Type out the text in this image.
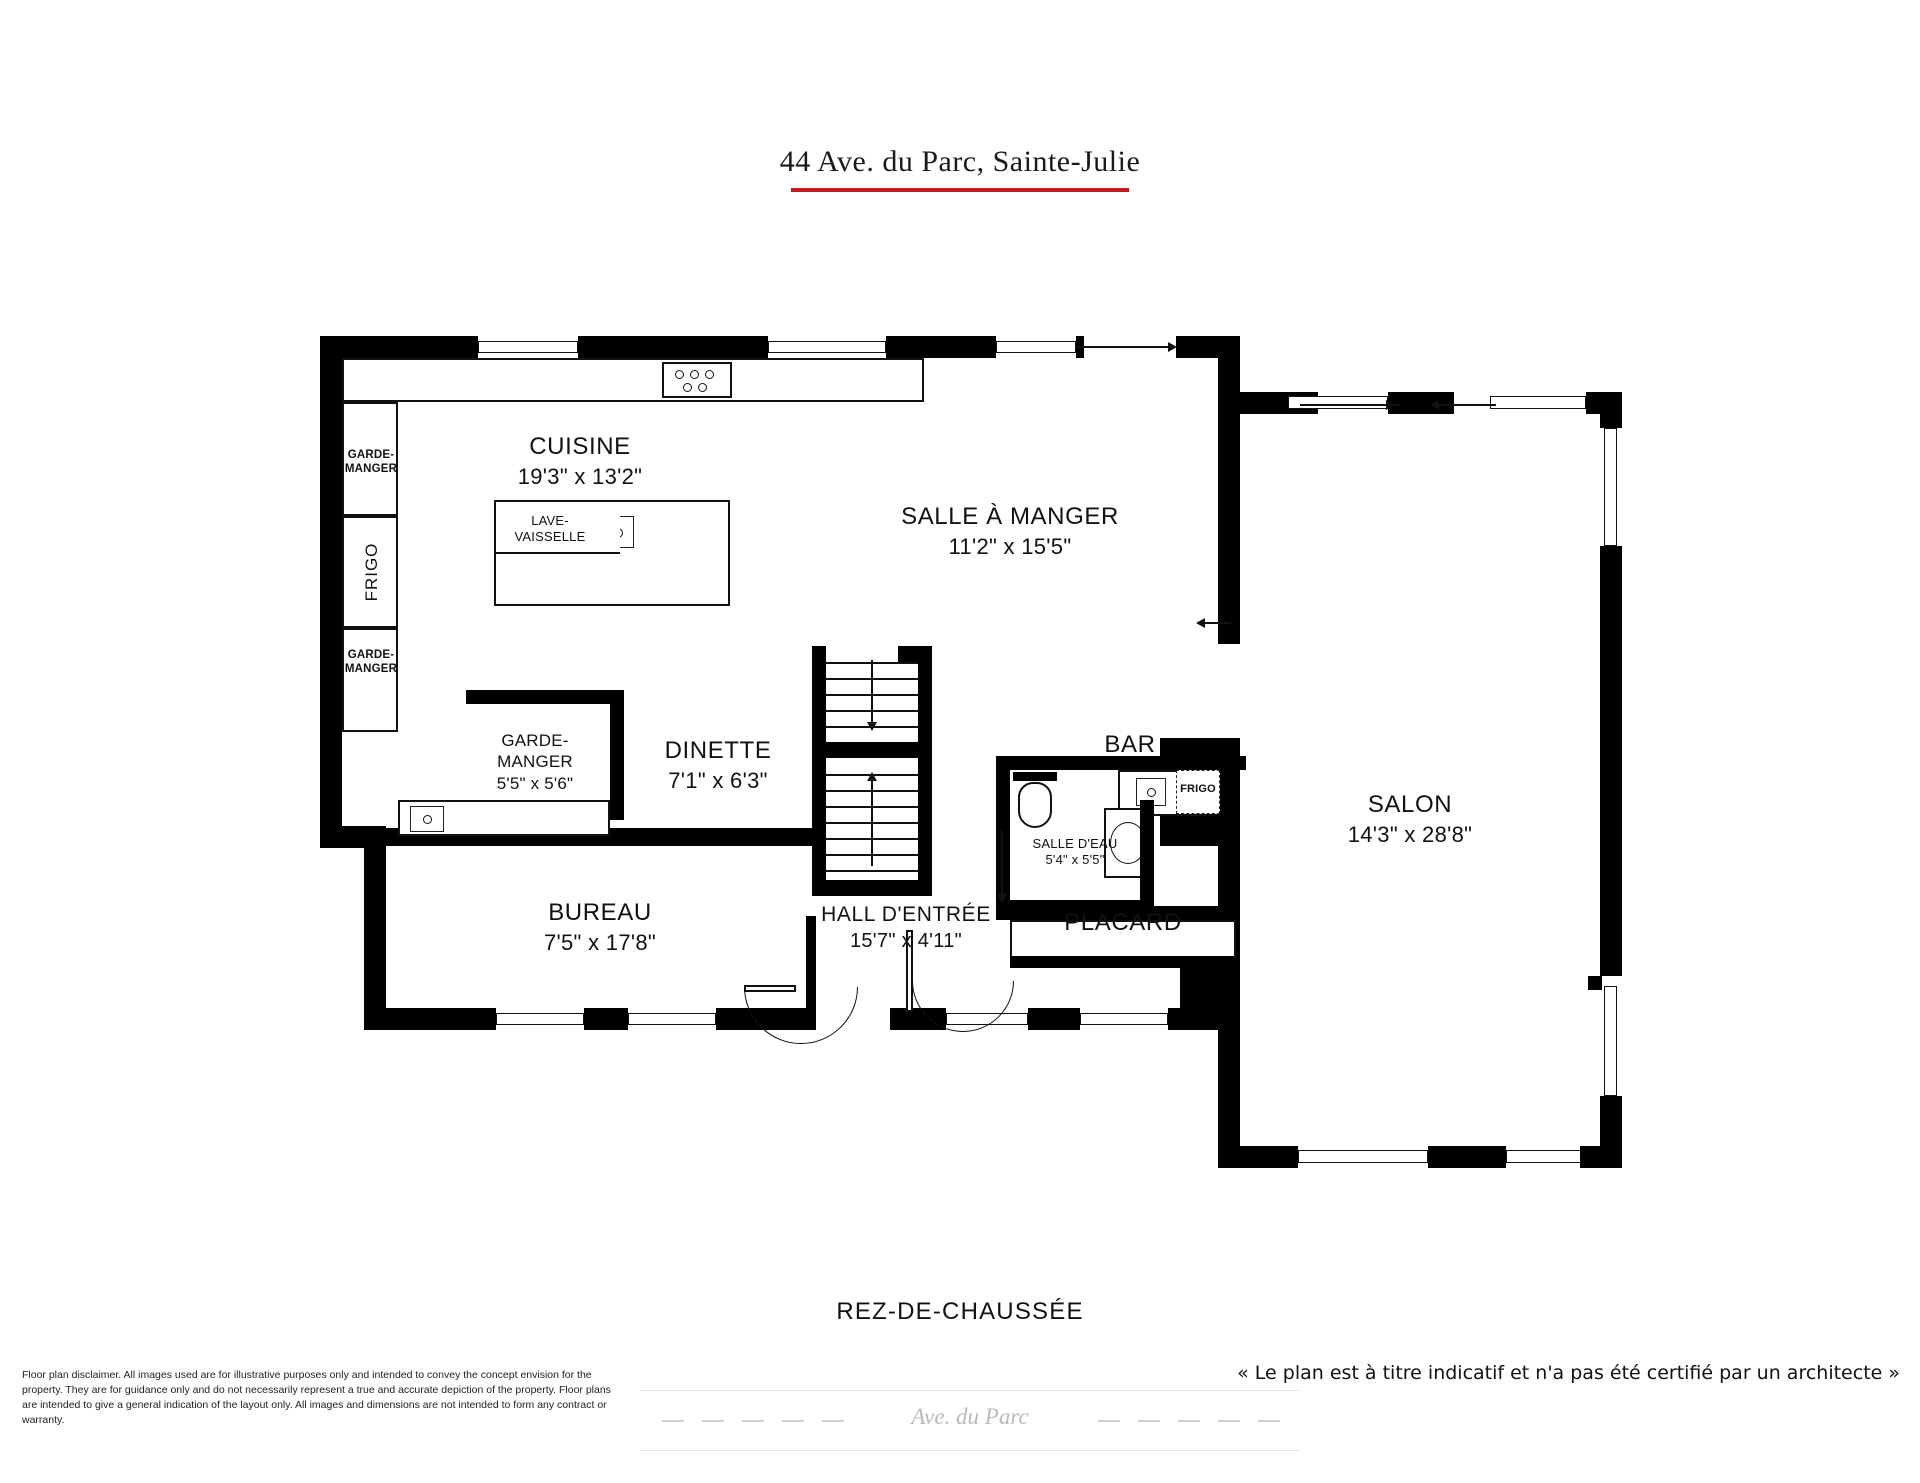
44 Ave. du Parc, Sainte-Julie
CUISINE
19'3" x 13'2"
SALLE À MANGER
11'2" x 15'5"
SALON
14'3" x 28'8"
DINETTE
7'1" x 6'3"
BUREAU
7'5" x 17'8"
HALL D'ENTRÉE
15'7" x 4'11"
BAR
PLACARD
GARDE-
MANGER
GARDE-
MANGER
FRIGO
LAVE-
VAISSELLE
GARDE-
MANGER
5'5" x 5'6"
SALLE D'EAU
5'4" x 5'5"
FRIGO
REZ-DE-CHAUSSÉE
Floor plan disclaimer. All images used are for illustrative purposes only and intended to convey the concept envision for the property. They are for guidance only and do not necessarily represent a true and accurate depiction of the property. Floor plans are intended to give a general indication of the layout only. All images and dimensions are not intended to form any contract or warranty.
« Le plan est à titre indicatif et n'a pas été certifié par un architecte »
Ave. du Parc
